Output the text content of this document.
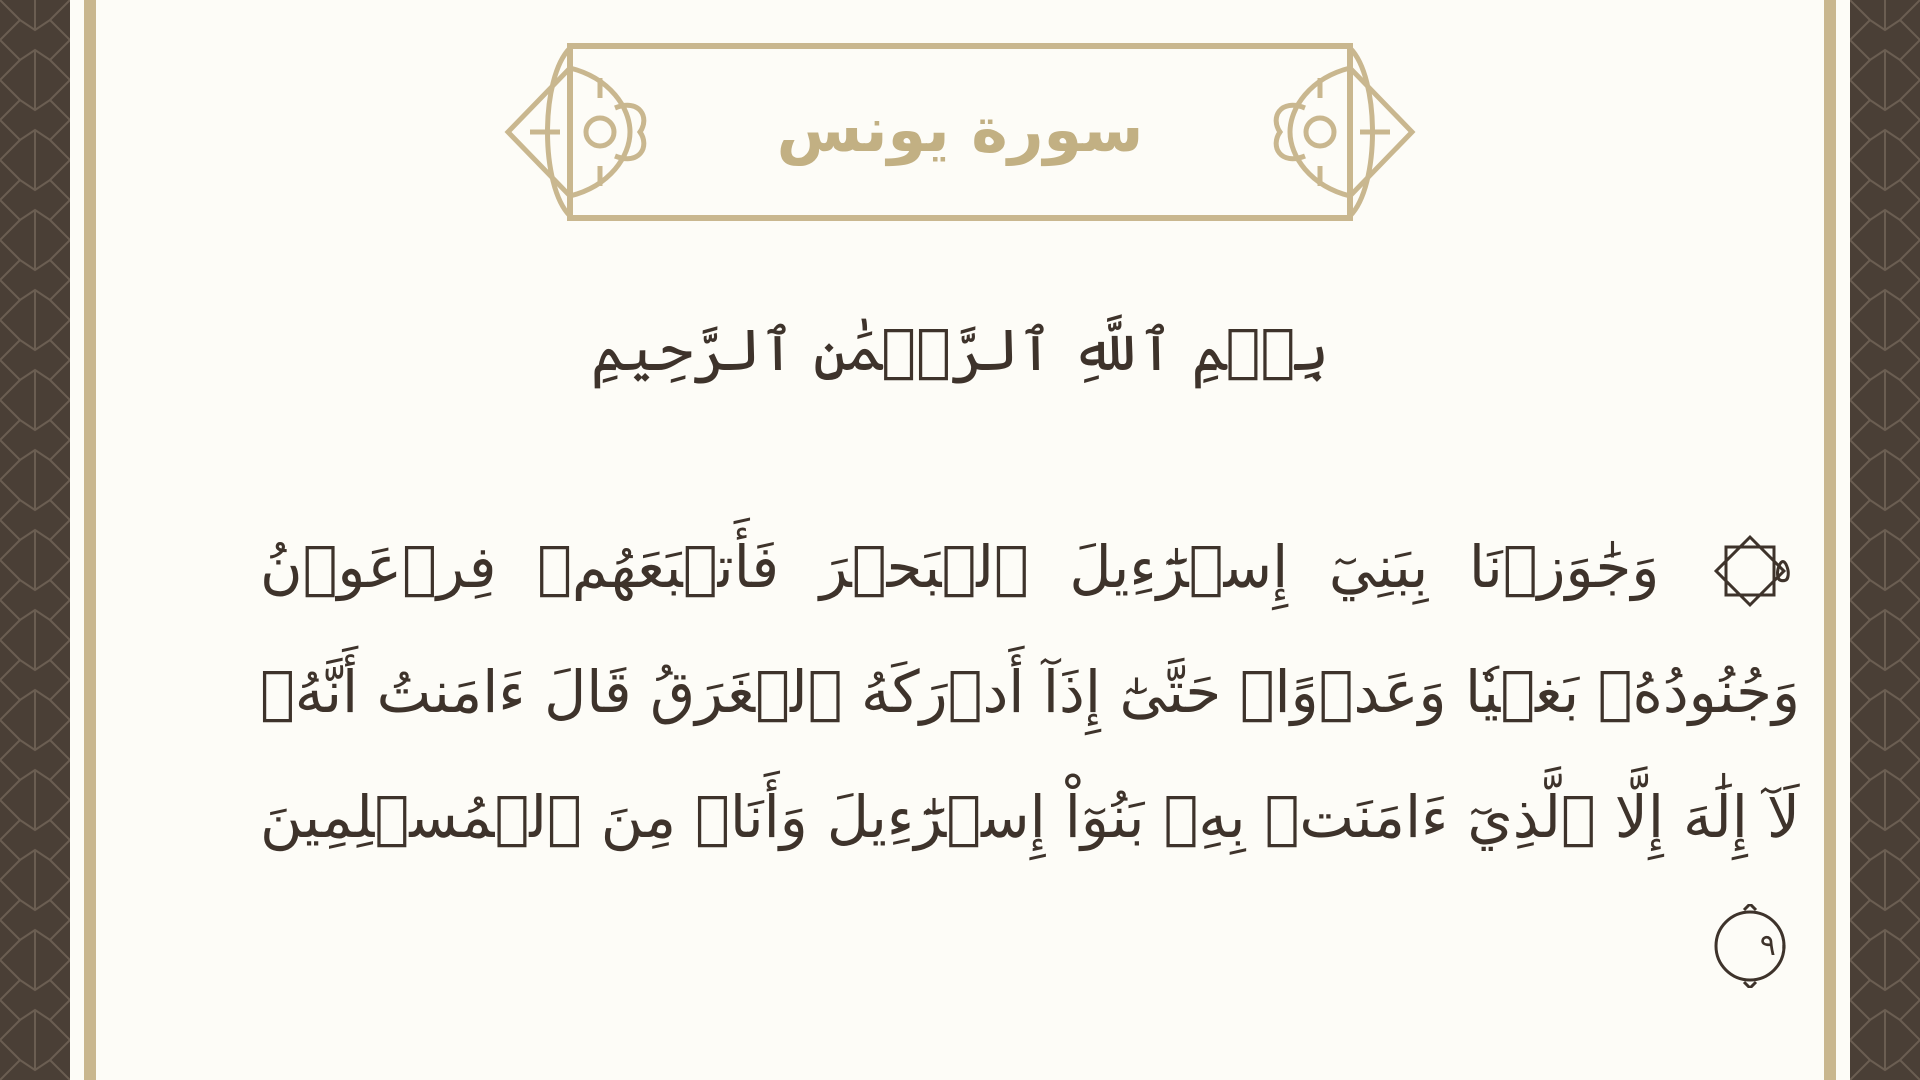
سورة يونس
بِسۡمِ ٱللَّهِ ٱلرَّحۡمَٰنِ ٱلرَّحِيمِ
٥
وَجَٰوَزۡنَا بِبَنِيٓ إِسۡرَٰٓءِيلَ ٱلۡبَحۡرَ فَأَتۡبَعَهُمۡ فِرۡعَوۡنُ وَجُنُودُهُۥ بَغۡيٗا وَعَدۡوًاۖ حَتَّىٰٓ إِذَآ أَدۡرَكَهُ ٱلۡغَرَقُ قَالَ ءَامَنتُ أَنَّهُۥ لَآ إِلَٰهَ إِلَّا ٱلَّذِيٓ ءَامَنَتۡ بِهِۦ بَنُوٓاْ إِسۡرَٰٓءِيلَ وَأَنَا۠ مِنَ ٱلۡمُسۡلِمِينَ
٩٠
